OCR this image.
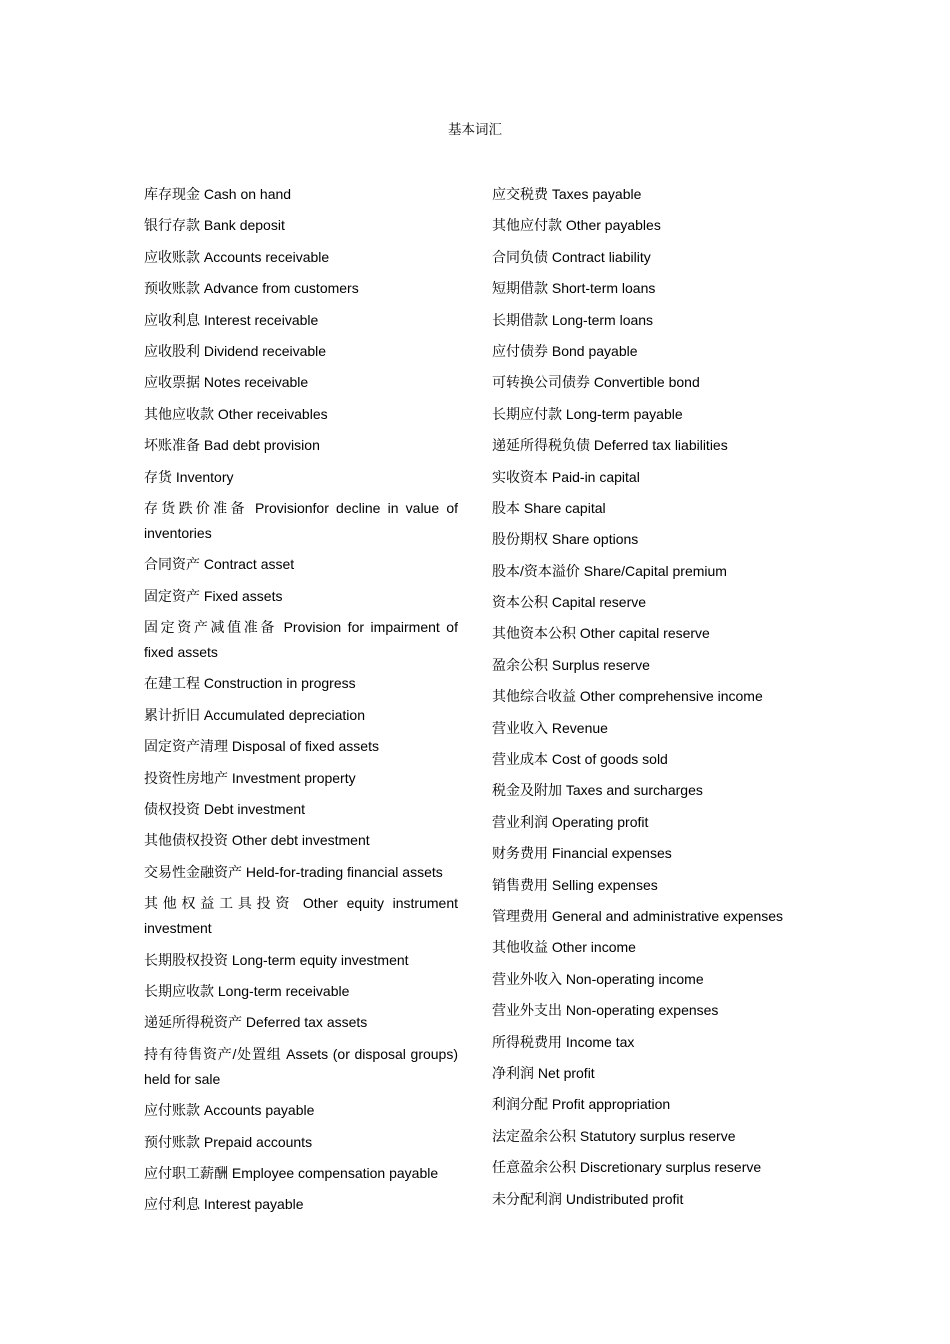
基本词汇
库存现金 Cash on hand
银行存款 Bank deposit
应收账款 Accounts receivable
预收账款 Advance from customers
应收利息 Interest receivable
应收股利 Dividend receivable
应收票据 Notes receivable
其他应收款 Other receivables
坏账准备 Bad debt provision
存货 Inventory
存货跌价准备 Provisionfor decline in value of inventories
合同资产 Contract asset
固定资产 Fixed assets
固定资产减值准备 Provision for impairment of fixed assets
在建工程 Construction in progress
累计折旧 Accumulated depreciation
固定资产清理 Disposal of fixed assets
投资性房地产 Investment property
债权投资 Debt investment
其他债权投资 Other debt investment
交易性金融资产 Held-for-trading financial assets
其他权益工具投资 Other equity instrument investment
长期股权投资 Long-term equity investment
长期应收款 Long-term receivable
递延所得税资产 Deferred tax assets
持有待售资产/处置组 Assets (or disposal groups) held for sale
应付账款 Accounts payable
预付账款 Prepaid accounts
应付职工薪酬 Employee compensation payable
应付利息 Interest payable
应交税费 Taxes payable
其他应付款 Other payables
合同负债 Contract liability
短期借款 Short-term loans
长期借款 Long-term loans
应付债券 Bond payable
可转换公司债券 Convertible bond
长期应付款 Long-term payable
递延所得税负债 Deferred tax liabilities
实收资本 Paid-in capital
股本 Share capital
股份期权 Share options
股本/资本溢价 Share/Capital premium
资本公积 Capital reserve
其他资本公积 Other capital reserve
盈余公积 Surplus reserve
其他综合收益 Other comprehensive income
营业收入 Revenue
营业成本 Cost of goods sold
税金及附加 Taxes and surcharges
营业利润 Operating profit
财务费用 Financial expenses
销售费用 Selling expenses
管理费用 General and administrative expenses
其他收益 Other income
营业外收入 Non-operating income
营业外支出 Non-operating expenses
所得税费用 Income tax
净利润 Net profit
利润分配 Profit appropriation
法定盈余公积 Statutory surplus reserve
任意盈余公积 Discretionary surplus reserve
未分配利润 Undistributed profit
